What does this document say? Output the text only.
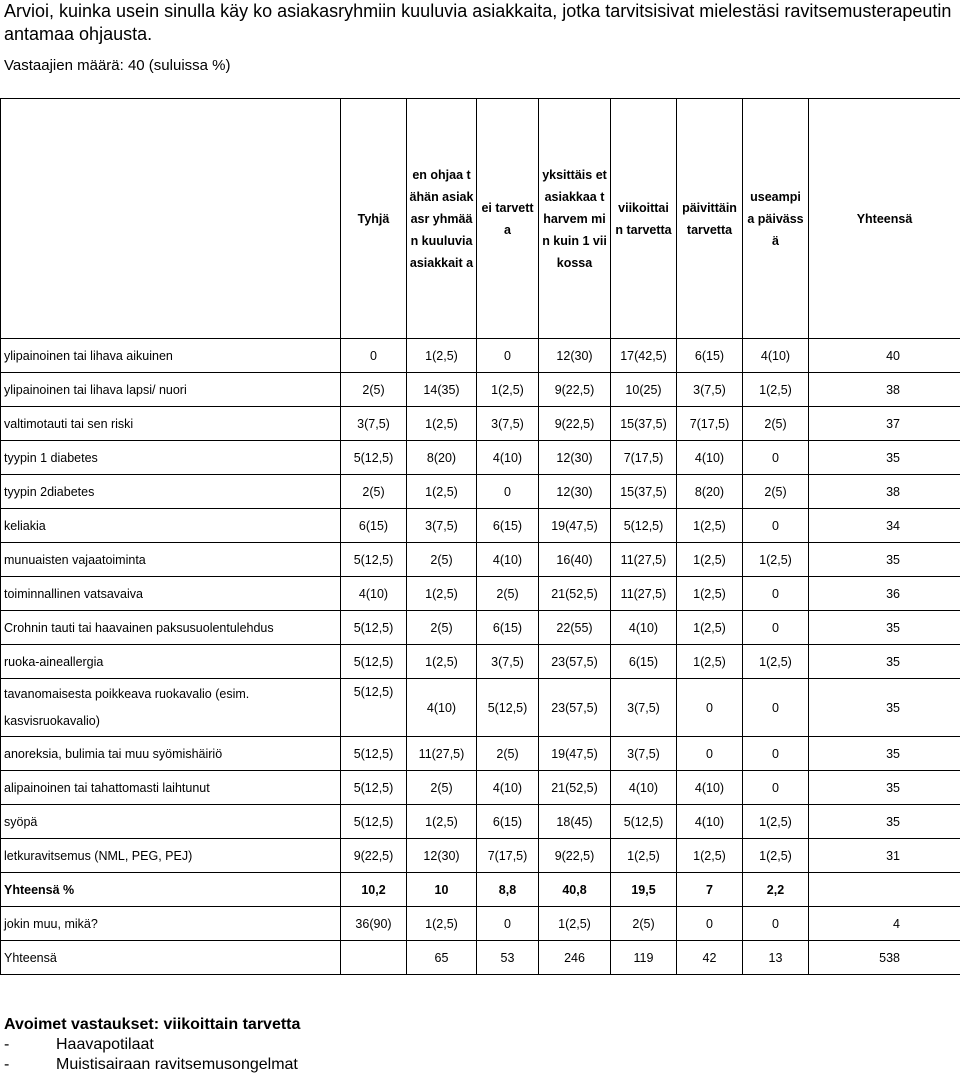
Arvioi, kuinka usein sinulla käy ko asiakasryhmiin kuuluvia asiakkaita, jotka tarvitsisivat mielestäsi ravitsemusterapeutin antamaa ohjausta.

Vastaajien määrä: 40 (suluissa %)
	Tyhjä	en ohjaa tähän asiakasr yhmään kuuluvia asiakkait a	ei tarvetta	yksittäis et asiakkaa t harvem min kuin 1 viikossa	viikoittai n tarvetta	päivittäin tarvetta	useampi a päivässä	Yhteensä
ylipainoinen tai lihava aikuinen	0	1(2,5)	0	12(30)	17(42,5)	6(15)	4(10)	40
ylipainoinen tai lihava lapsi/ nuori	2(5)	14(35)	1(2,5)	9(22,5)	10(25)	3(7,5)	1(2,5)	38
valtimotauti tai sen riski	3(7,5)	1(2,5)	3(7,5)	9(22,5)	15(37,5)	7(17,5)	2(5)	37
tyypin 1 diabetes	5(12,5)	8(20)	4(10)	12(30)	7(17,5)	4(10)	0	35
tyypin 2diabetes	2(5)	1(2,5)	0	12(30)	15(37,5)	8(20)	2(5)	38
keliakia	6(15)	3(7,5)	6(15)	19(47,5)	5(12,5)	1(2,5)	0	34
munuaisten vajaatoiminta	5(12,5)	2(5)	4(10)	16(40)	11(27,5)	1(2,5)	1(2,5)	35
toiminnallinen vatsavaiva	4(10)	1(2,5)	2(5)	21(52,5)	11(27,5)	1(2,5)	0	36
Crohnin tauti tai haavainen paksusuolentulehdus	5(12,5)	2(5)	6(15)	22(55)	4(10)	1(2,5)	0	35
ruoka-aineallergia	5(12,5)	1(2,5)	3(7,5)	23(57,5)	6(15)	1(2,5)	1(2,5)	35
tavanomaisesta poikkeava ruokavalio (esim. kasvisruokavalio)	5(12,5)	4(10)	5(12,5)	23(57,5)	3(7,5)	0	0	35
anoreksia, bulimia tai muu syömishäiriö	5(12,5)	11(27,5)	2(5)	19(47,5)	3(7,5)	0	0	35
alipainoinen tai tahattomasti laihtunut	5(12,5)	2(5)	4(10)	21(52,5)	4(10)	4(10)	0	35
syöpä	5(12,5)	1(2,5)	6(15)	18(45)	5(12,5)	4(10)	1(2,5)	35
letkuravitsemus (NML, PEG, PEJ)	9(22,5)	12(30)	7(17,5)	9(22,5)	1(2,5)	1(2,5)	1(2,5)	31
Yhteensä %	10,2	10	8,8	40,8	19,5	7	2,2	
jokin muu, mikä?	36(90)	1(2,5)	0	1(2,5)	2(5)	0	0	4
Yhteensä		65	53	246	119	42	13	538

Avoimet vastaukset: viikoittain tarvetta

-	Haavapotilaat
-	Muistisairaan ravitsemusongelmat
